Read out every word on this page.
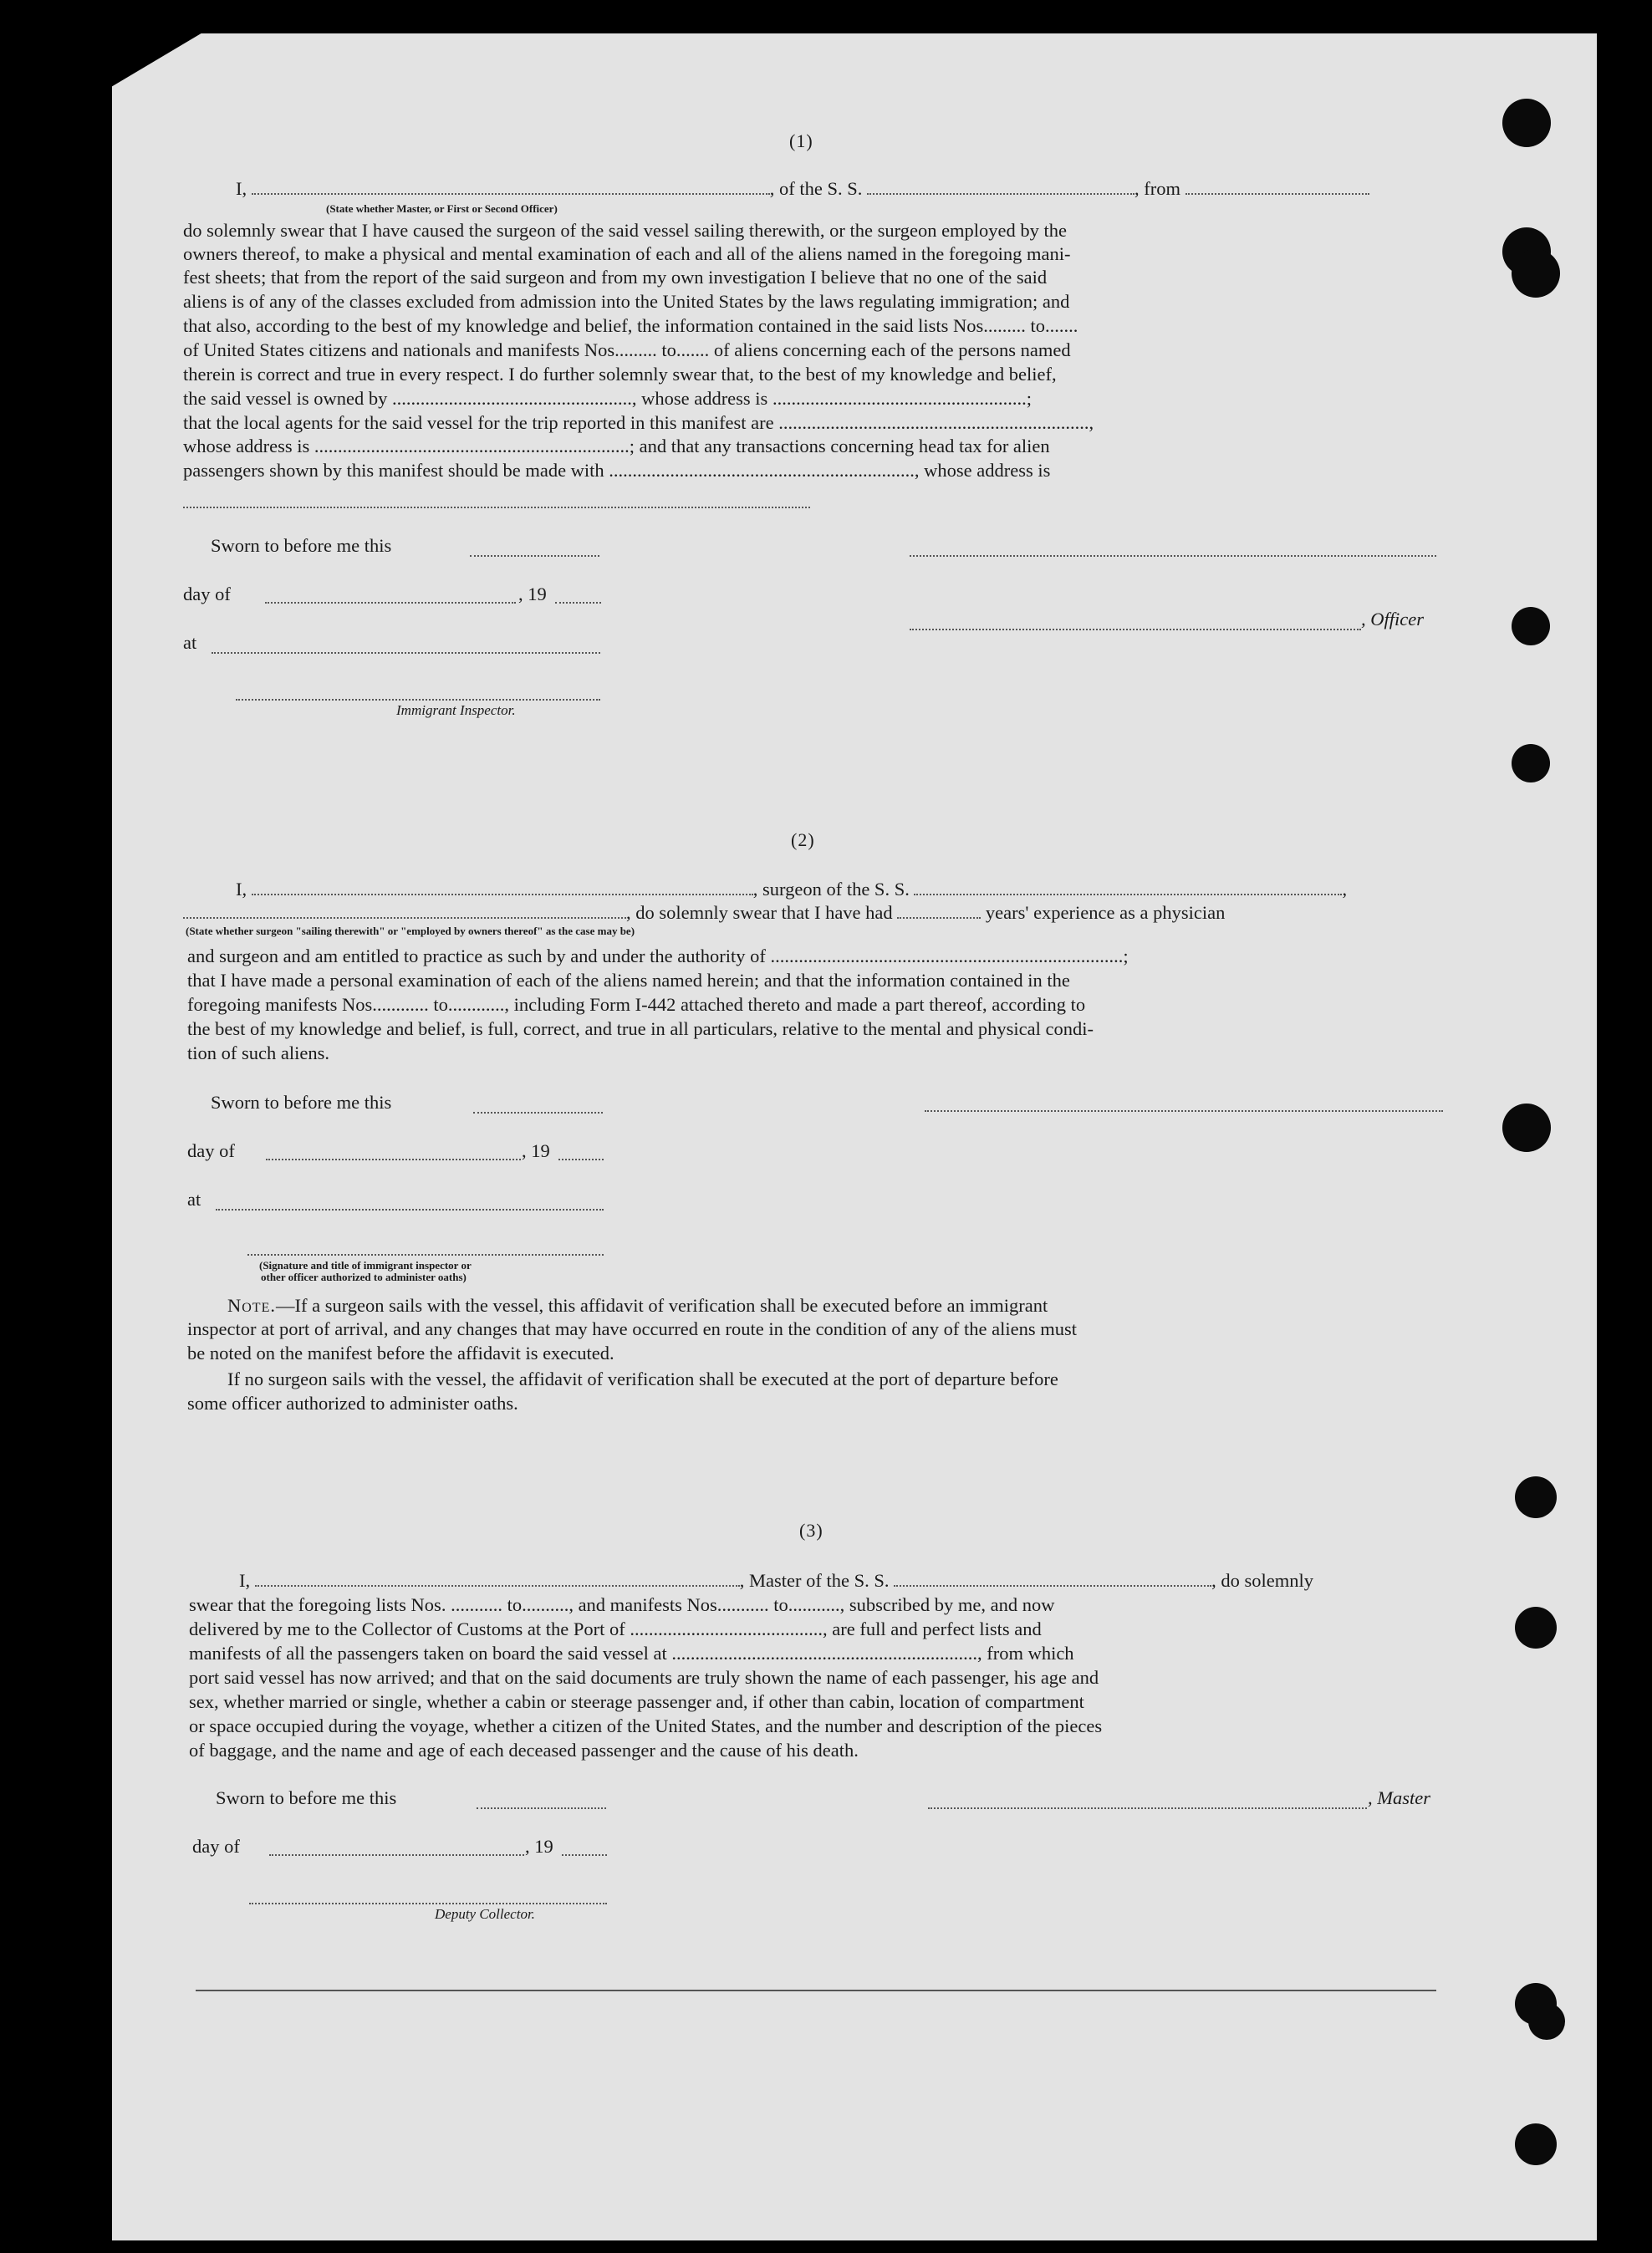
(1)
I,	, of the S. S.	, from
(State whether Master, or First or Second Officer)
do solemnly swear that I have caused the surgeon of the said vessel sailing therewith, or the surgeon employed by the
owners thereof, to make a physical and mental examination of each and all of the aliens named in the foregoing mani-
fest sheets; that from the report of the said surgeon and from my own investigation I believe that no one of the said
aliens is of any of the classes excluded from admission into the United States by the laws regulating immigration; and
that also, according to the best of my knowledge and belief, the information contained in the said lists Nos......... to.......
of United States citizens and nationals and manifests Nos......... to....... of aliens concerning each of the persons named
therein is correct and true in every respect. I do further solemnly swear that, to the best of my knowledge and belief,
the said vessel is owned by ..................................................., whose address is ......................................................;
that the local agents for the said vessel for the trip reported in this manifest are ..................................................................,
whose address is ...................................................................; and that any transactions concerning head tax for alien
passengers shown by this manifest should be made with ................................................................., whose address is
Sworn to before me this
day of	, 19
, Officer
at
Immigrant Inspector.
(2)
I,	, surgeon of the S. S.	,
, do solemnly swear that I have had	years' experience as a physician
(State whether surgeon "sailing therewith" or "employed by owners thereof" as the case may be)
and surgeon and am entitled to practice as such by and under the authority of ...........................................................................;
that I have made a personal examination of each of the aliens named herein; and that the information contained in the
foregoing manifests Nos............ to............, including Form I-442 attached thereto and made a part thereof, according to
the best of my knowledge and belief, is full, correct, and true in all particulars, relative to the mental and physical condi-
tion of such aliens.
Sworn to before me this
day of	, 19
at
(Signature and title of immigrant inspector or
other officer authorized to administer oaths)
Note.—If a surgeon sails with the vessel, this affidavit of verification shall be executed before an immigrant
inspector at port of arrival, and any changes that may have occurred en route in the condition of any of the aliens must
be noted on the manifest before the affidavit is executed.
If no surgeon sails with the vessel, the affidavit of verification shall be executed at the port of departure before
some officer authorized to administer oaths.
(3)
I,	, Master of the S. S.	, do solemnly
swear that the foregoing lists Nos. ........... to.........., and manifests Nos........... to..........., subscribed by me, and now
delivered by me to the Collector of Customs at the Port of ........................................., are full and perfect lists and
manifests of all the passengers taken on board the said vessel at ................................................................., from which
port said vessel has now arrived; and that on the said documents are truly shown the name of each passenger, his age and
sex, whether married or single, whether a cabin or steerage passenger and, if other than cabin, location of compartment
or space occupied during the voyage, whether a citizen of the United States, and the number and description of the pieces
of baggage, and the name and age of each deceased passenger and the cause of his death.
Sworn to before me this	, Master
day of	, 19
Deputy Collector.
